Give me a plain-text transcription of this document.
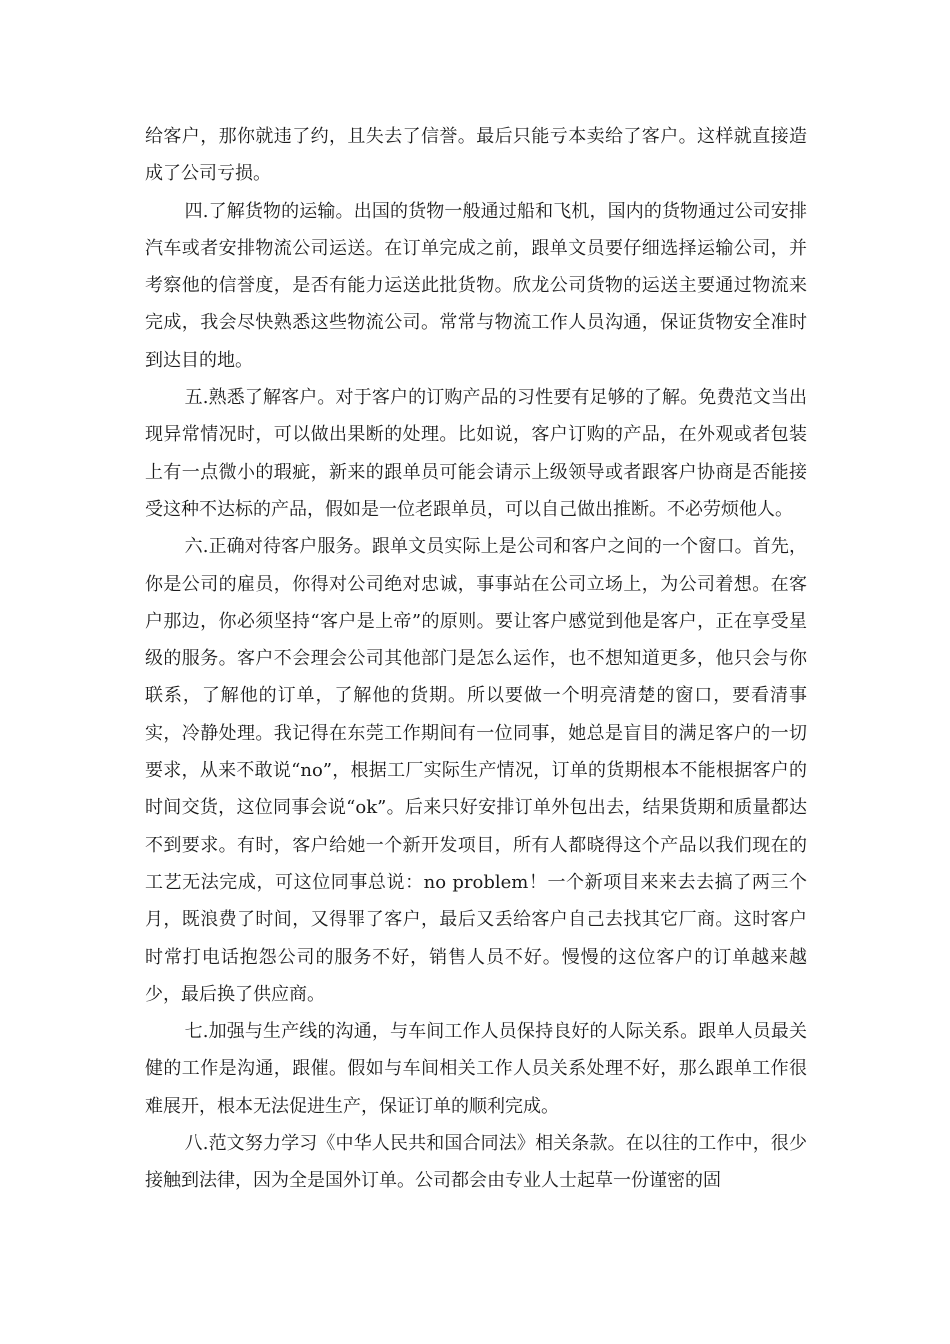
给客户，那你就违了约，且失去了信誉。最后只能亏本卖给了客户。这样就直接造成了公司亏损。

四.了解货物的运输。出国的货物一般通过船和飞机，国内的货物通过公司安排汽车或者安排物流公司运送。在订单完成之前，跟单文员要仔细选择运输公司，并考察他的信誉度，是否有能力运送此批货物。欣龙公司货物的运送主要通过物流来完成，我会尽快熟悉这些物流公司。常常与物流工作人员沟通，保证货物安全准时到达目的地。

五.熟悉了解客户。对于客户的订购产品的习性要有足够的了解。免费范文当出现异常情况时，可以做出果断的处理。比如说，客户订购的产品，在外观或者包装上有一点微小的瑕疵，新来的跟单员可能会请示上级领导或者跟客户协商是否能接受这种不达标的产品，假如是一位老跟单员，可以自己做出推断。不必劳烦他人。

六.正确对待客户服务。跟单文员实际上是公司和客户之间的一个窗口。首先，你是公司的雇员，你得对公司绝对忠诚，事事站在公司立场上，为公司着想。在客户那边，你必须坚持“客户是上帝”的原则。要让客户感觉到他是客户，正在享受星级的服务。客户不会理会公司其他部门是怎么运作，也不想知道更多，他只会与你联系，了解他的订单，了解他的货期。所以要做一个明亮清楚的窗口，要看清事实，冷静处理。我记得在东莞工作期间有一位同事，她总是盲目的满足客户的一切要求，从来不敢说“no”，根据工厂实际生产情况，订单的货期根本不能根据客户的时间交货，这位同事会说“ok”。后来只好安排订单外包出去，结果货期和质量都达不到要求。有时，客户给她一个新开发项目，所有人都晓得这个产品以我们现在的工艺无法完成，可这位同事总说：no problem！一个新项目来来去去搞了两三个月，既浪费了时间，又得罪了客户，最后又丢给客户自己去找其它厂商。这时客户时常打电话抱怨公司的服务不好，销售人员不好。慢慢的这位客户的订单越来越少，最后换了供应商。

七.加强与生产线的沟通，与车间工作人员保持良好的人际关系。跟单人员最关健的工作是沟通，跟催。假如与车间相关工作人员关系处理不好，那么跟单工作很难展开，根本无法促进生产，保证订单的顺利完成。

八.范文努力学习《中华人民共和国合同法》相关条款。在以往的工作中，很少接触到法律，因为全是国外订单。公司都会由专业人士起草一份谨密的固
